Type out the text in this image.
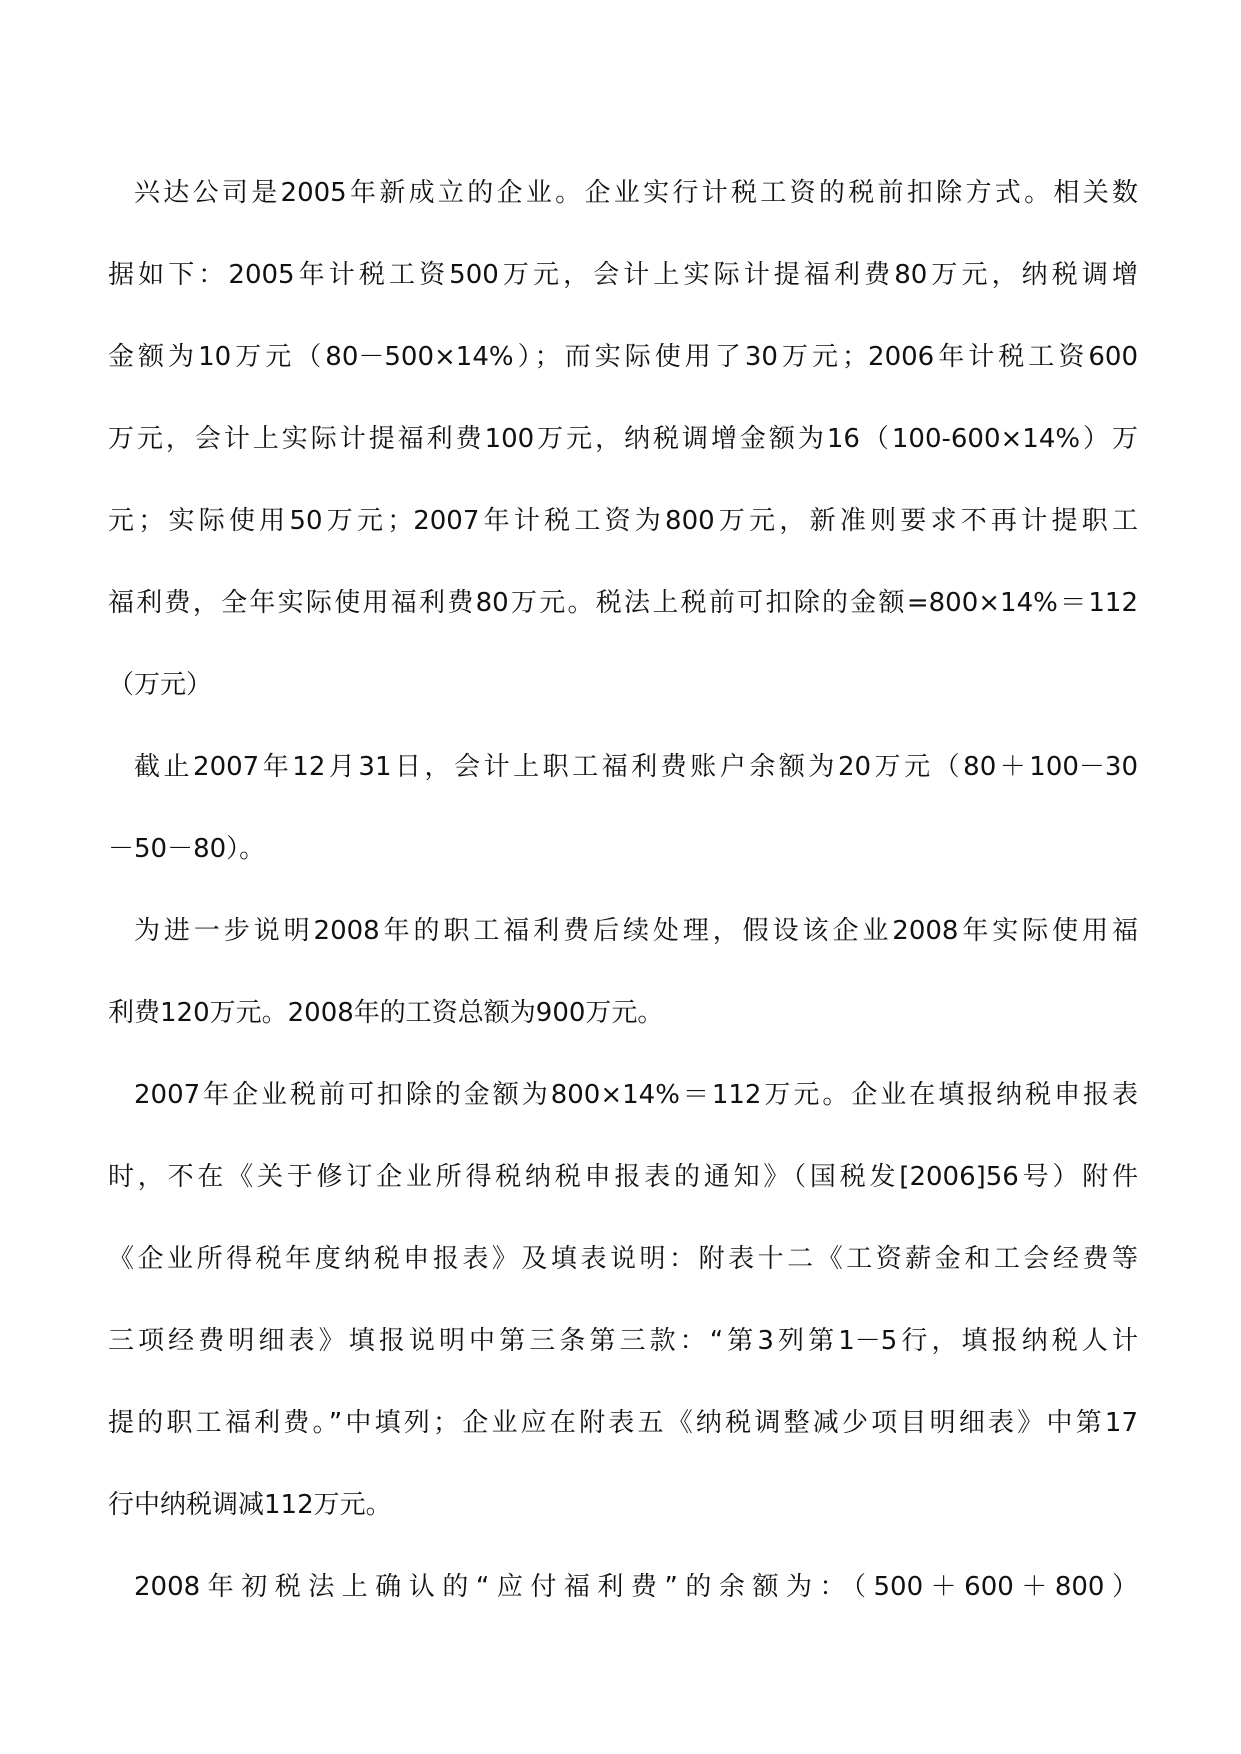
兴达公司是2005年新成立的企业。企业实行计税工资的税前扣除方式。相关数
据如下：2005年计税工资500万元，会计上实际计提福利费80万元，纳税调增
金额为10万元（80－500×14%）；而实际使用了30万元；2006年计税工资600
万元，会计上实际计提福利费100万元，纳税调增金额为16（100-600×14%）万
元；实际使用50万元；2007年计税工资为800万元，新准则要求不再计提职工
福利费，全年实际使用福利费80万元。税法上税前可扣除的金额=800×14%＝112
（万元）
截止2007年12月31日，会计上职工福利费账户余额为20万元（80＋100－30
－50－80）。
为进一步说明2008年的职工福利费后续处理，假设该企业2008年实际使用福
利费120万元。2008年的工资总额为900万元。
2007年企业税前可扣除的金额为800×14%＝112万元。企业在填报纳税申报表
时，不在《关于修订企业所得税纳税申报表的通知》（国税发[2006]56号）附件
《企业所得税年度纳税申报表》及填表说明：附表十二《工资薪金和工会经费等
三项经费明细表》填报说明中第三条第三款：“第3列第1－5行，填报纳税人计
提的职工福利费。”中填列；企业应在附表五《纳税调整减少项目明细表》中第17
行中纳税调减112万元。
2008年初税法上确认的“应付福利费”的余额为：（500＋600＋800）
